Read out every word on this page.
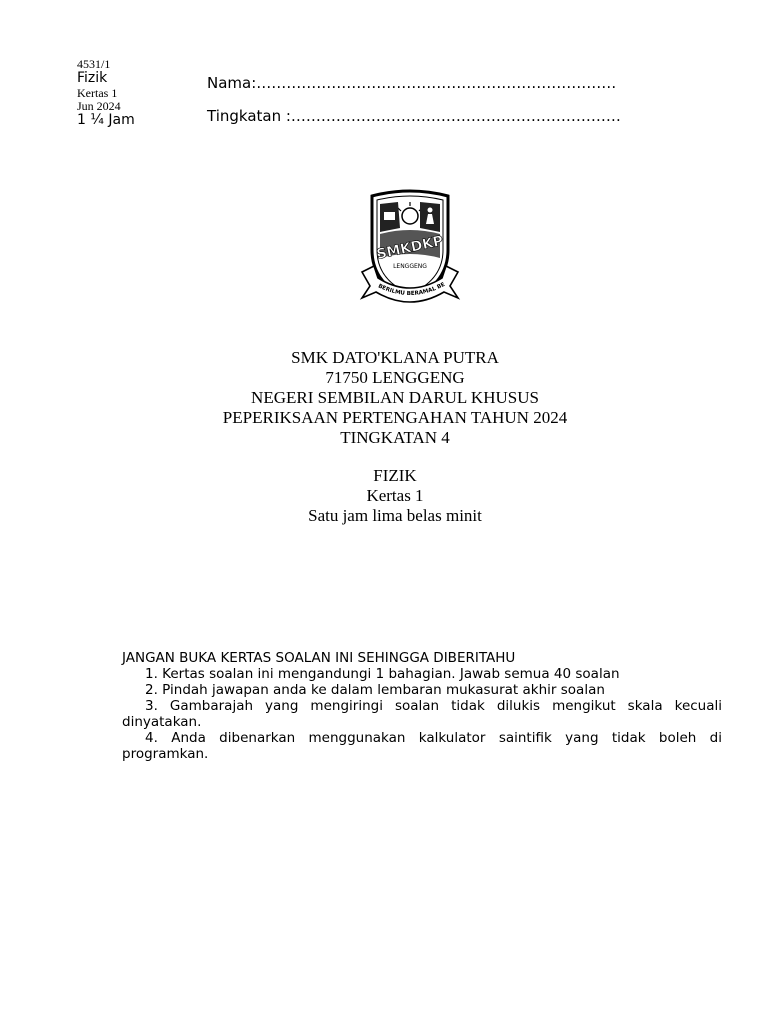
4531/1
Fizik
Kertas 1
Jun 2024
1 ¼ Jam
Nama:………………………………………………………………
Tingkatan :…………………………………………………………
SMKDKP
LENGGENG
BERILMU BERAMAL BE
SMK DATO'KLANA PUTRA
71750 LENGGENG
NEGERI SEMBILAN DARUL KHUSUS
PEPERIKSAAN PERTENGAHAN TAHUN 2024
TINGKATAN 4
FIZIK
Kertas 1
Satu jam lima belas minit

JANGAN BUKA KERTAS SOALAN INI SEHINGGA DIBERITAHU

1. Kertas soalan ini mengandungi 1 bahagian. Jawab semua 40 soalan

2. Pindah jawapan anda ke dalam lembaran mukasurat akhir soalan

3. Gambarajah yang mengiringi soalan tidak dilukis mengikut skala kecuali dinyatakan.

4. Anda dibenarkan menggunakan kalkulator saintifik yang tidak boleh di programkan.
